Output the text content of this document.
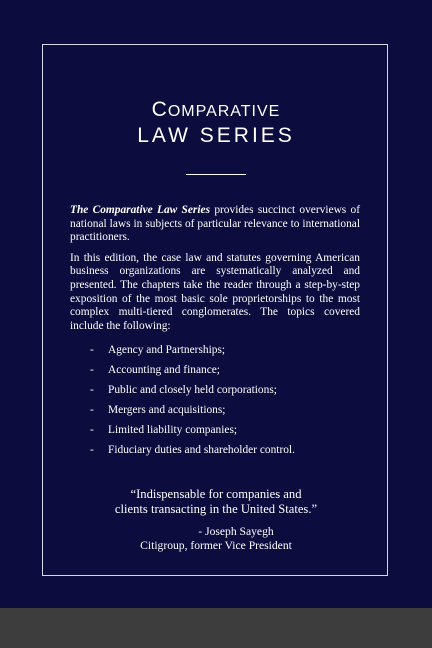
COMPARATIVE
LAW SERIES

The Comparative Law Series provides succinct overviews of national laws in subjects of particular relevance to international practitioners.

In this edition, the case law and statutes governing American business organizations are systematically analyzed and presented. The chapters take the reader through a step-by-step exposition of the most basic sole proprietorships to the most complex multi-tiered conglomerates. The topics covered include the following:

- Agency and Partnerships;
- Accounting and finance;
- Public and closely held corporations;
- Mergers and acquisitions;
- Limited liability companies;
- Fiduciary duties and shareholder control.
“Indispensable for companies and
clients transacting in the United States.”
- Joseph Sayegh
Citigroup, former Vice President
